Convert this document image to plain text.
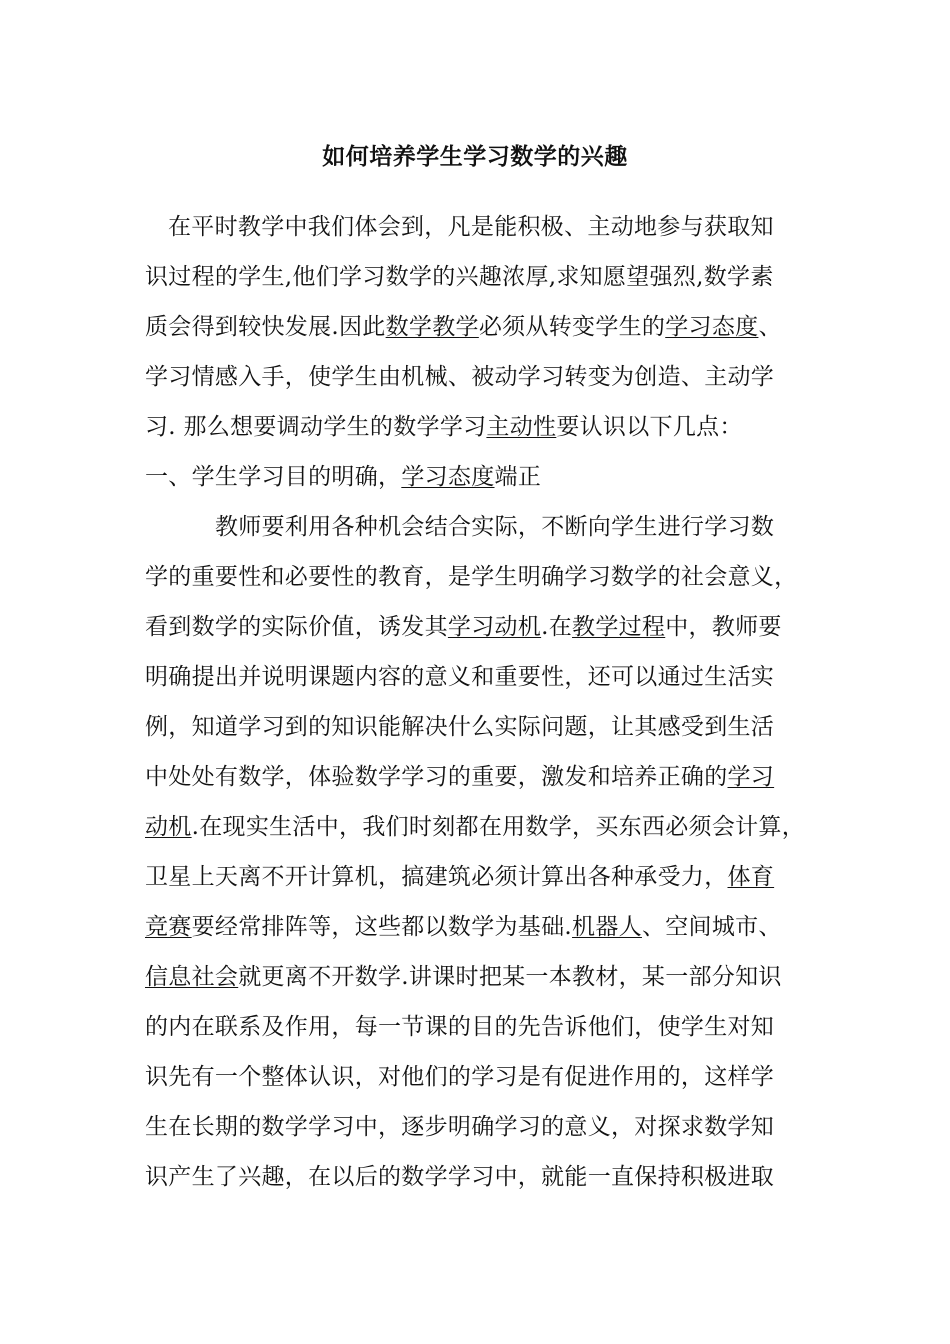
如何培养学生学习数学的兴趣
在平时教学中我们体会到，凡是能积极、主动地参与获取知
识过程的学生,他们学习数学的兴趣浓厚,求知愿望强烈,数学素
质会得到较快发展.因此数学教学必须从转变学生的学习态度、
学习情感入手，使学生由机械、被动学习转变为创造、主动学
习. 那么想要调动学生的数学学习主动性要认识以下几点：
一、学生学习目的明确，学习态度端正
教师要利用各种机会结合实际，不断向学生进行学习数
学的重要性和必要性的教育，是学生明确学习数学的社会意义，
看到数学的实际价值，诱发其学习动机.在教学过程中，教师要
明确提出并说明课题内容的意义和重要性，还可以通过生活实
例，知道学习到的知识能解决什么实际问题，让其感受到生活
中处处有数学，体验数学学习的重要，激发和培养正确的学习
动机.在现实生活中，我们时刻都在用数学，买东西必须会计算，
卫星上天离不开计算机，搞建筑必须计算出各种承受力，体育
竞赛要经常排阵等，这些都以数学为基础.机器人、空间城市、
信息社会就更离不开数学.讲课时把某一本教材，某一部分知识
的内在联系及作用，每一节课的目的先告诉他们，使学生对知
识先有一个整体认识，对他们的学习是有促进作用的，这样学
生在长期的数学学习中，逐步明确学习的意义，对探求数学知
识产生了兴趣，在以后的数学学习中，就能一直保持积极进取
